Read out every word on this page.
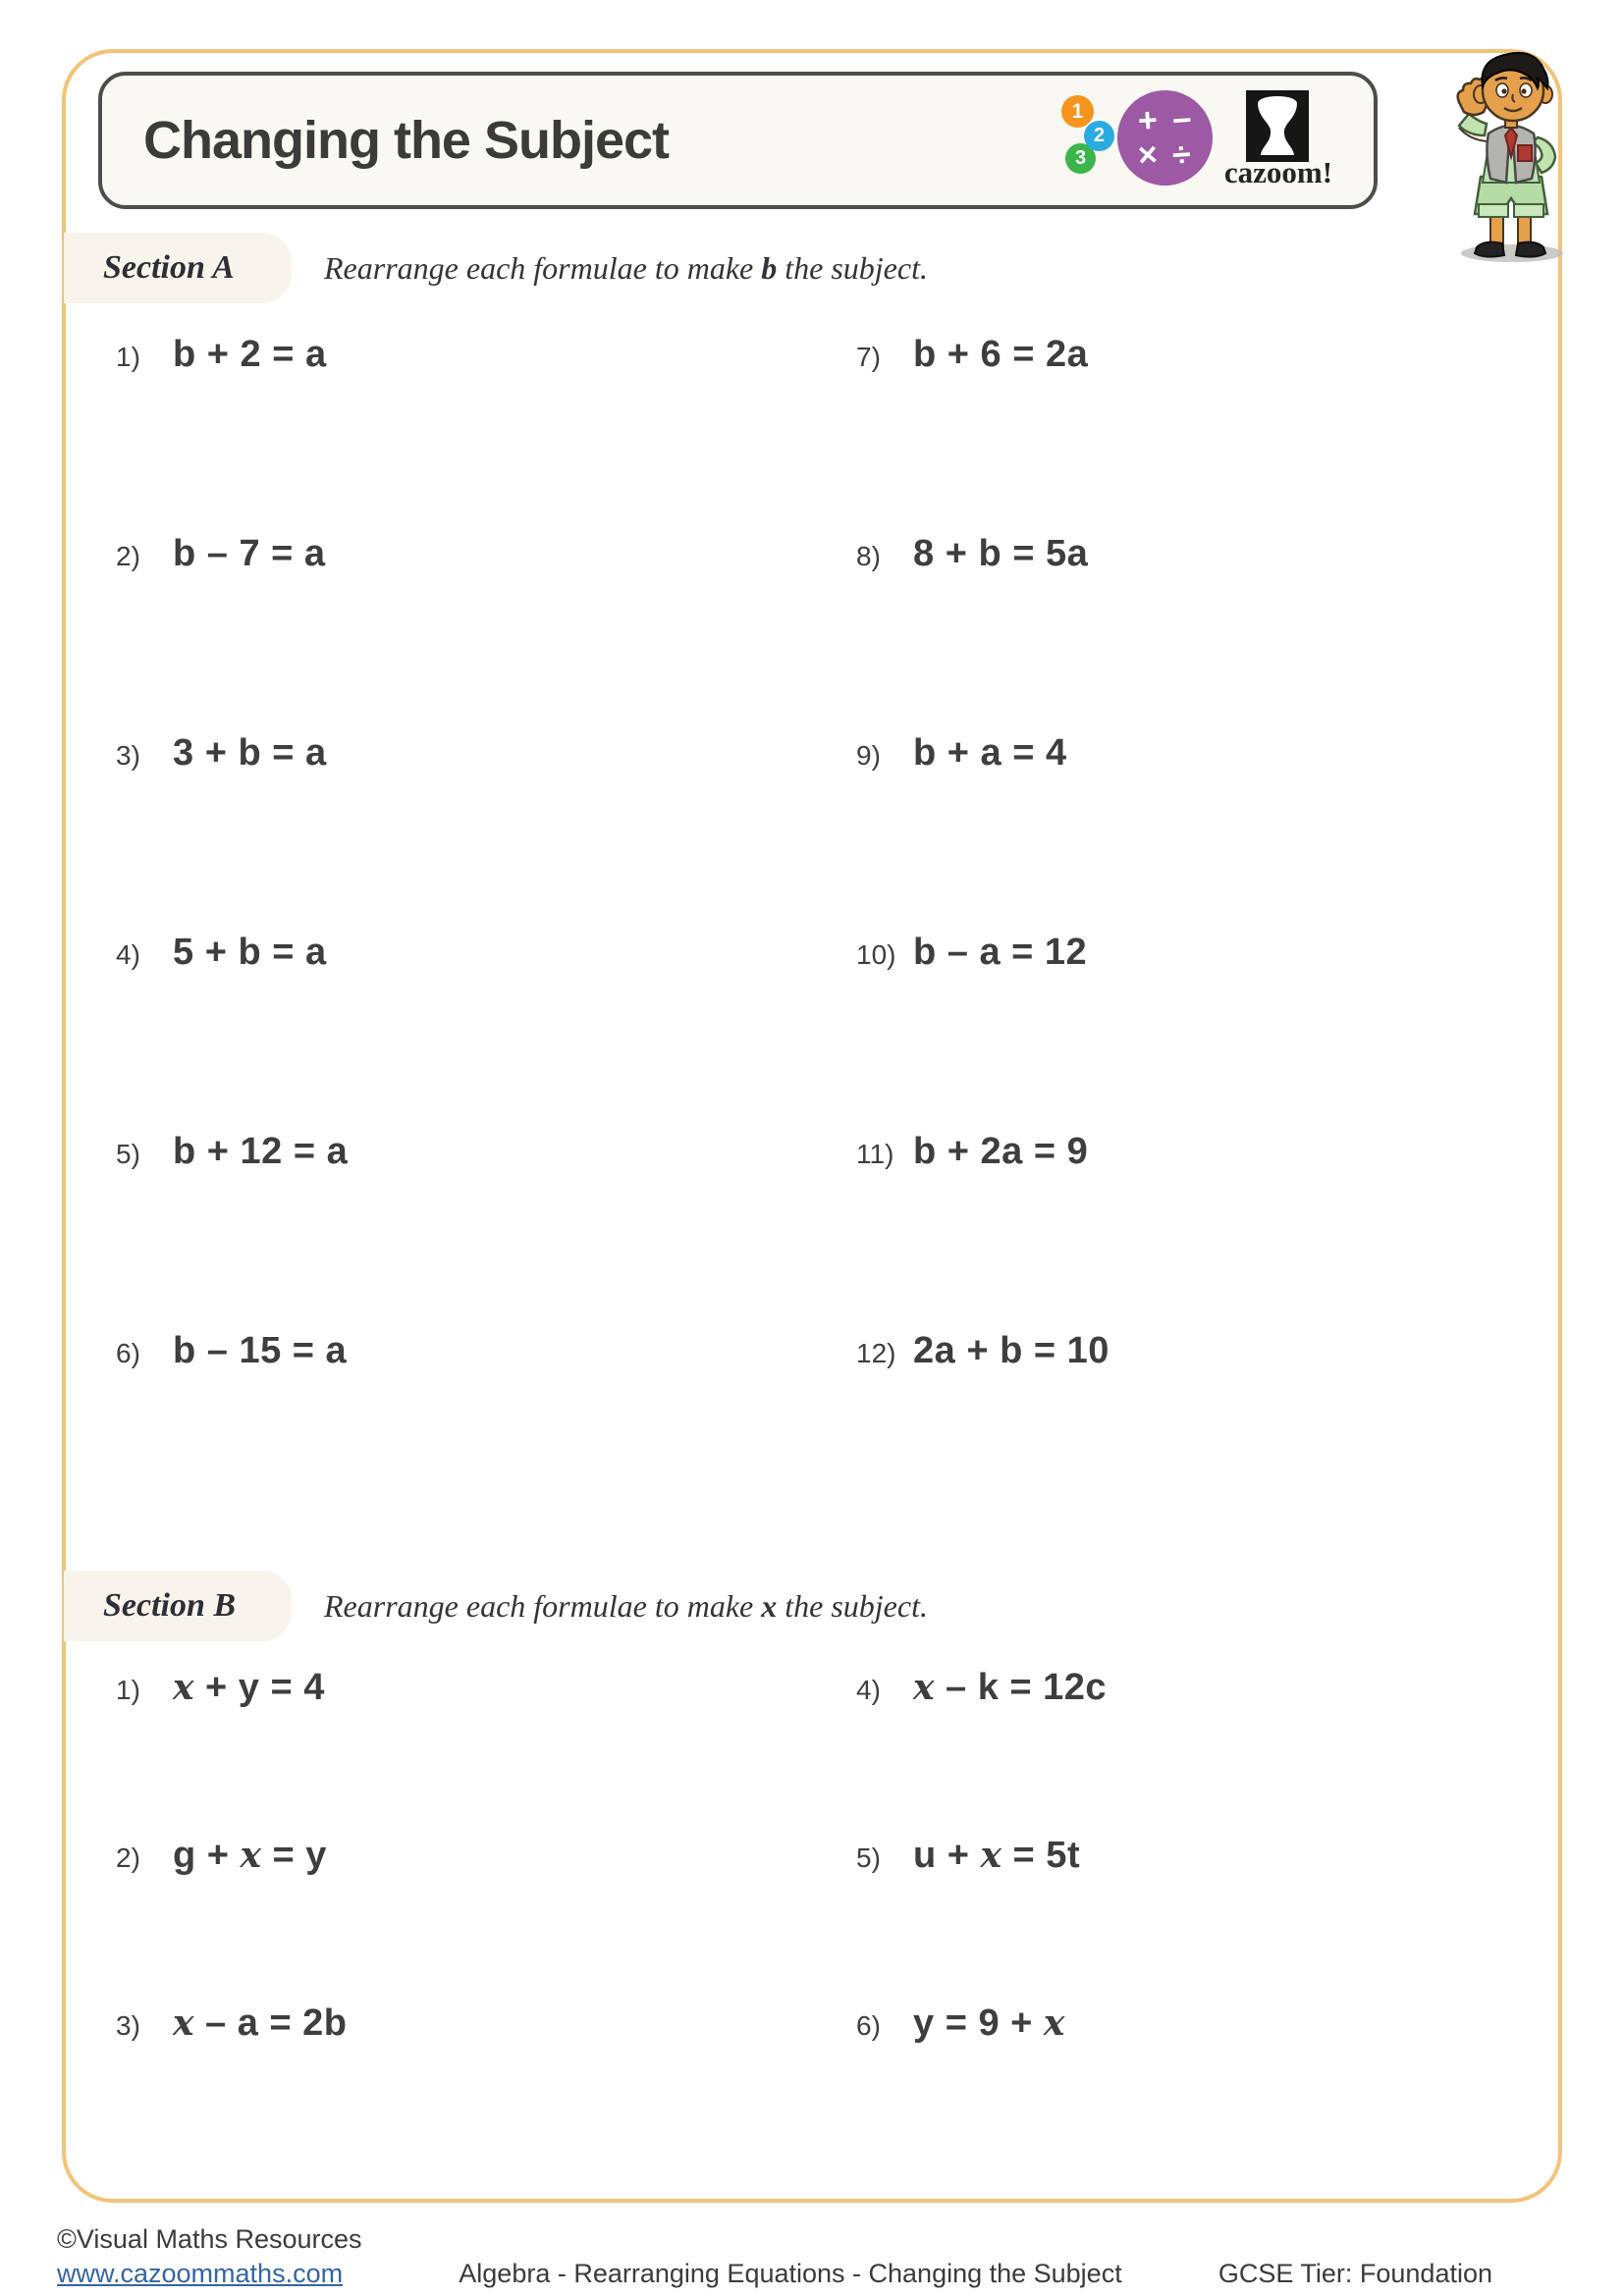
Changing the Subject	1
2
3
+ −
× ÷ cazoom!
Section A	Rearrange each formulae to make b the subject.
1) b + 2 = a
2) b – 7 = a
3) 3 + b = a
4) 5 + b = a
5) b + 12 = a
6) b – 15 = a
7) b + 6 = 2a
8) 8 + b = 5a
9) b + a = 4
10) b – a = 12
11) b + 2a = 9
12) 2a + b = 10
Section B	Rearrange each formulae to make x the subject.
1) x + y = 4
2) g + x = y
3) x – a = 2b
4) x – k = 12c
5) u + x = 5t
6) y = 9 + x
©Visual Maths Resources
www.cazoommaths.com	Algebra - Rearranging Equations - Changing the Subject	GCSE Tier: Foundation
